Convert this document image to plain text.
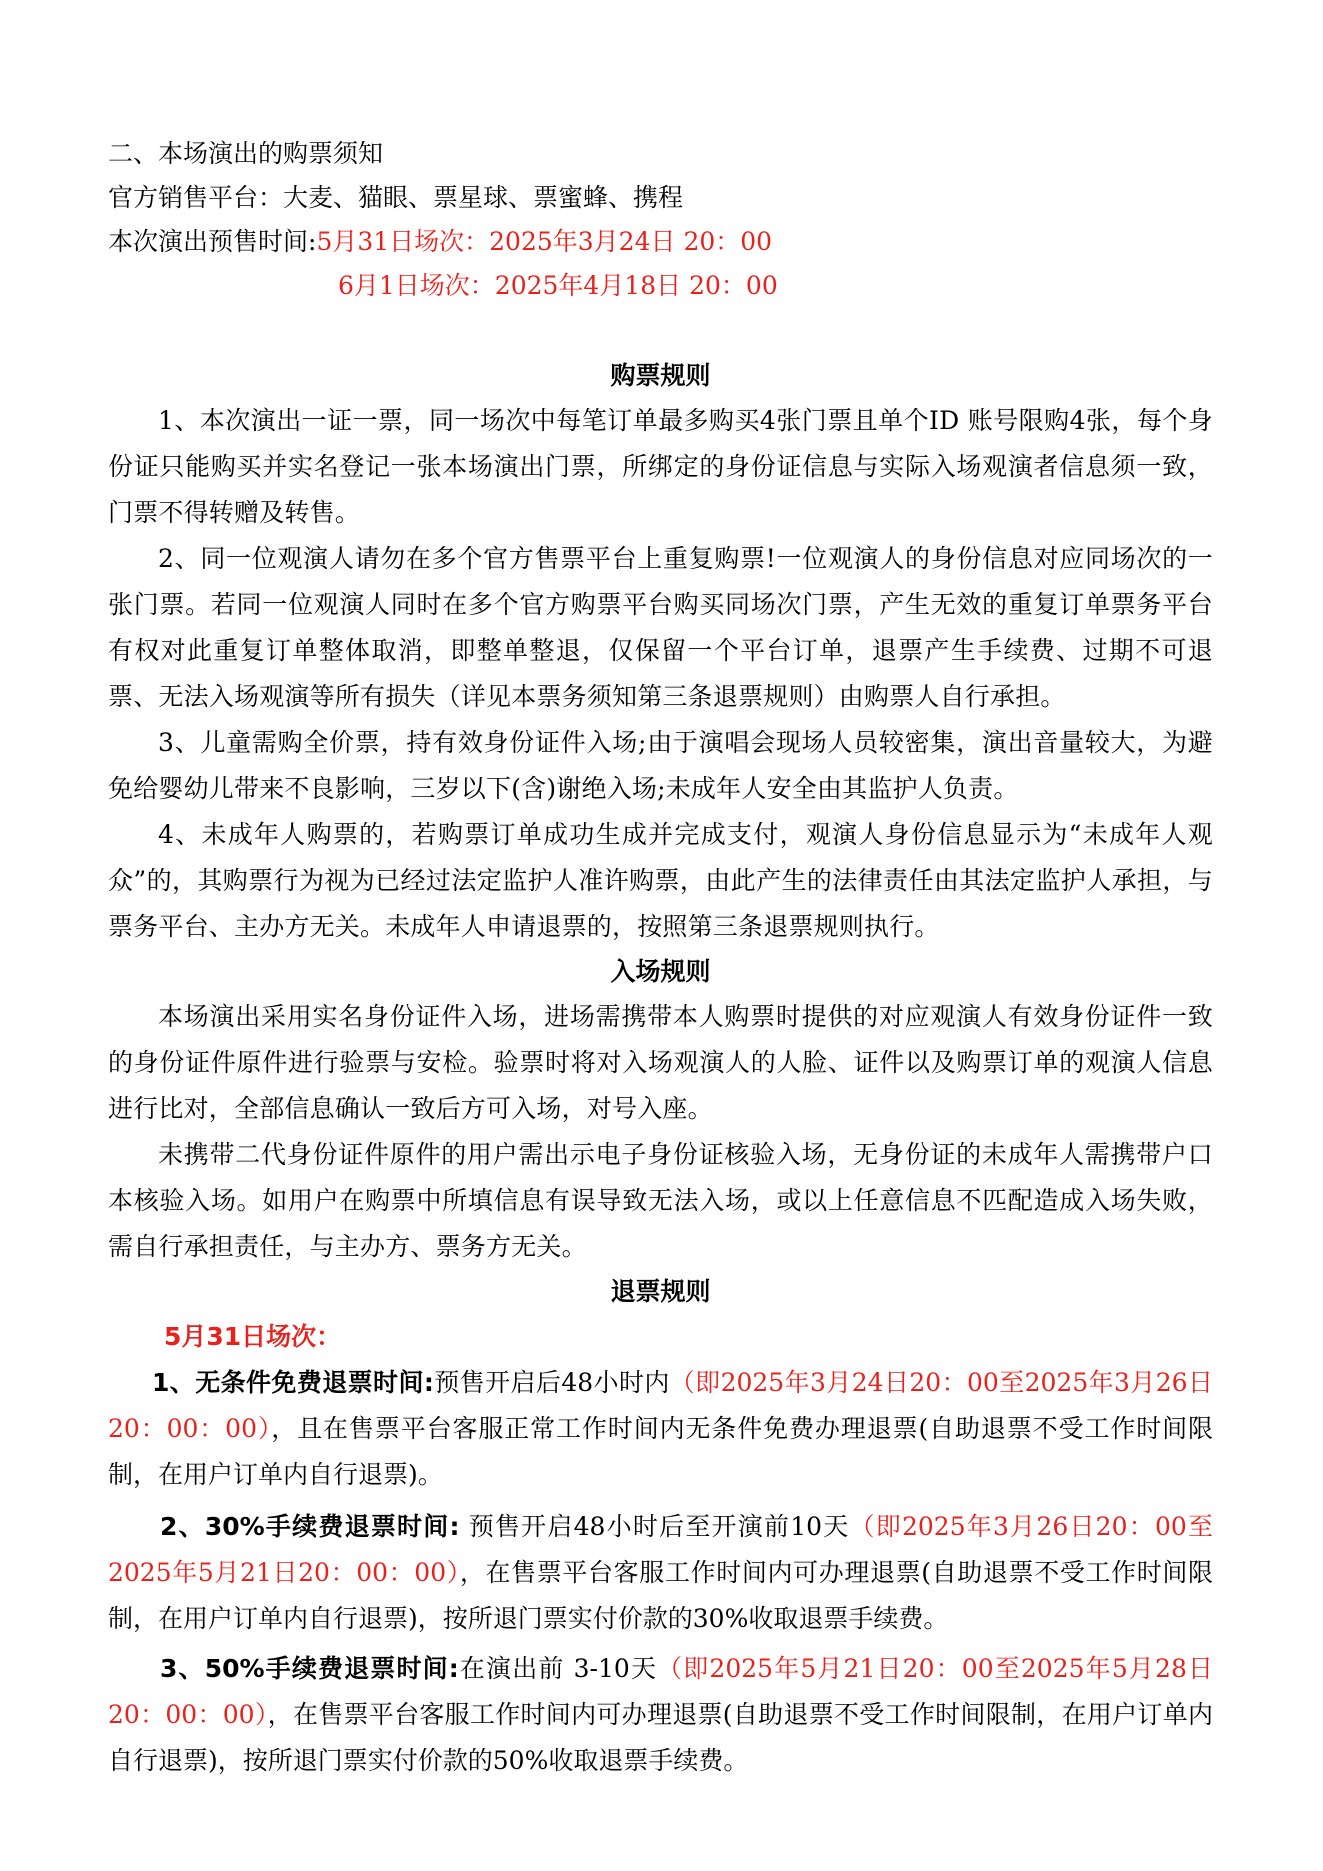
二、本场演出的购票须知
官方销售平台：大麦、猫眼、票星球、票蜜蜂、携程
本次演出预售时间:5月31日场次：2025年3月24日 20：00
6月1日场次：2025年4月18日 20：00
购票规则
1、本次演出一证一票，同一场次中每笔订单最多购买4张门票且单个ID 账号限购4张，每个身份证只能购买并实名登记一张本场演出门票，所绑定的身份证信息与实际入场观演者信息须一致，门票不得转赠及转售。
2、同一位观演人请勿在多个官方售票平台上重复购票!一位观演人的身份信息对应同场次的一张门票。若同一位观演人同时在多个官方购票平台购买同场次门票，产生无效的重复订单票务平台有权对此重复订单整体取消，即整单整退，仅保留一个平台订单，退票产生手续费、过期不可退票、无法入场观演等所有损失（详见本票务须知第三条退票规则）由购票人自行承担。
3、儿童需购全价票，持有效身份证件入场;由于演唱会现场人员较密集，演出音量较大，为避免给婴幼儿带来不良影响，三岁以下(含)谢绝入场;未成年人安全由其监护人负责。
4、未成年人购票的，若购票订单成功生成并完成支付，观演人身份信息显示为“未成年人观众”的，其购票行为视为已经过法定监护人准许购票，由此产生的法律责任由其法定监护人承担，与票务平台、主办方无关。未成年人申请退票的，按照第三条退票规则执行。
入场规则
本场演出采用实名身份证件入场，进场需携带本人购票时提供的对应观演人有效身份证件一致的身份证件原件进行验票与安检。验票时将对入场观演人的人脸、证件以及购票订单的观演人信息进行比对，全部信息确认一致后方可入场，对号入座。
未携带二代身份证件原件的用户需出示电子身份证核验入场，无身份证的未成年人需携带户口本核验入场。如用户在购票中所填信息有误导致无法入场，或以上任意信息不匹配造成入场失败，需自行承担责任，与主办方、票务方无关。
退票规则
5月31日场次：
1、无条件免费退票时间:预售开启后48小时内（即2025年3月24日20：00至2025年3月26日20：00：00），且在售票平台客服正常工作时间内无条件免费办理退票(自助退票不受工作时间限制，在用户订单内自行退票)。
2、30%手续费退票时间: 预售开启48小时后至开演前10天（即2025年3月26日20：00至2025年5月21日20：00：00），在售票平台客服工作时间内可办理退票(自助退票不受工作时间限制，在用户订单内自行退票)，按所退门票实付价款的30%收取退票手续费。
3、50%手续费退票时间:在演出前 3-10天（即2025年5月21日20：00至2025年5月28日20：00：00），在售票平台客服工作时间内可办理退票(自助退票不受工作时间限制，在用户订单内自行退票)，按所退门票实付价款的50%收取退票手续费。
